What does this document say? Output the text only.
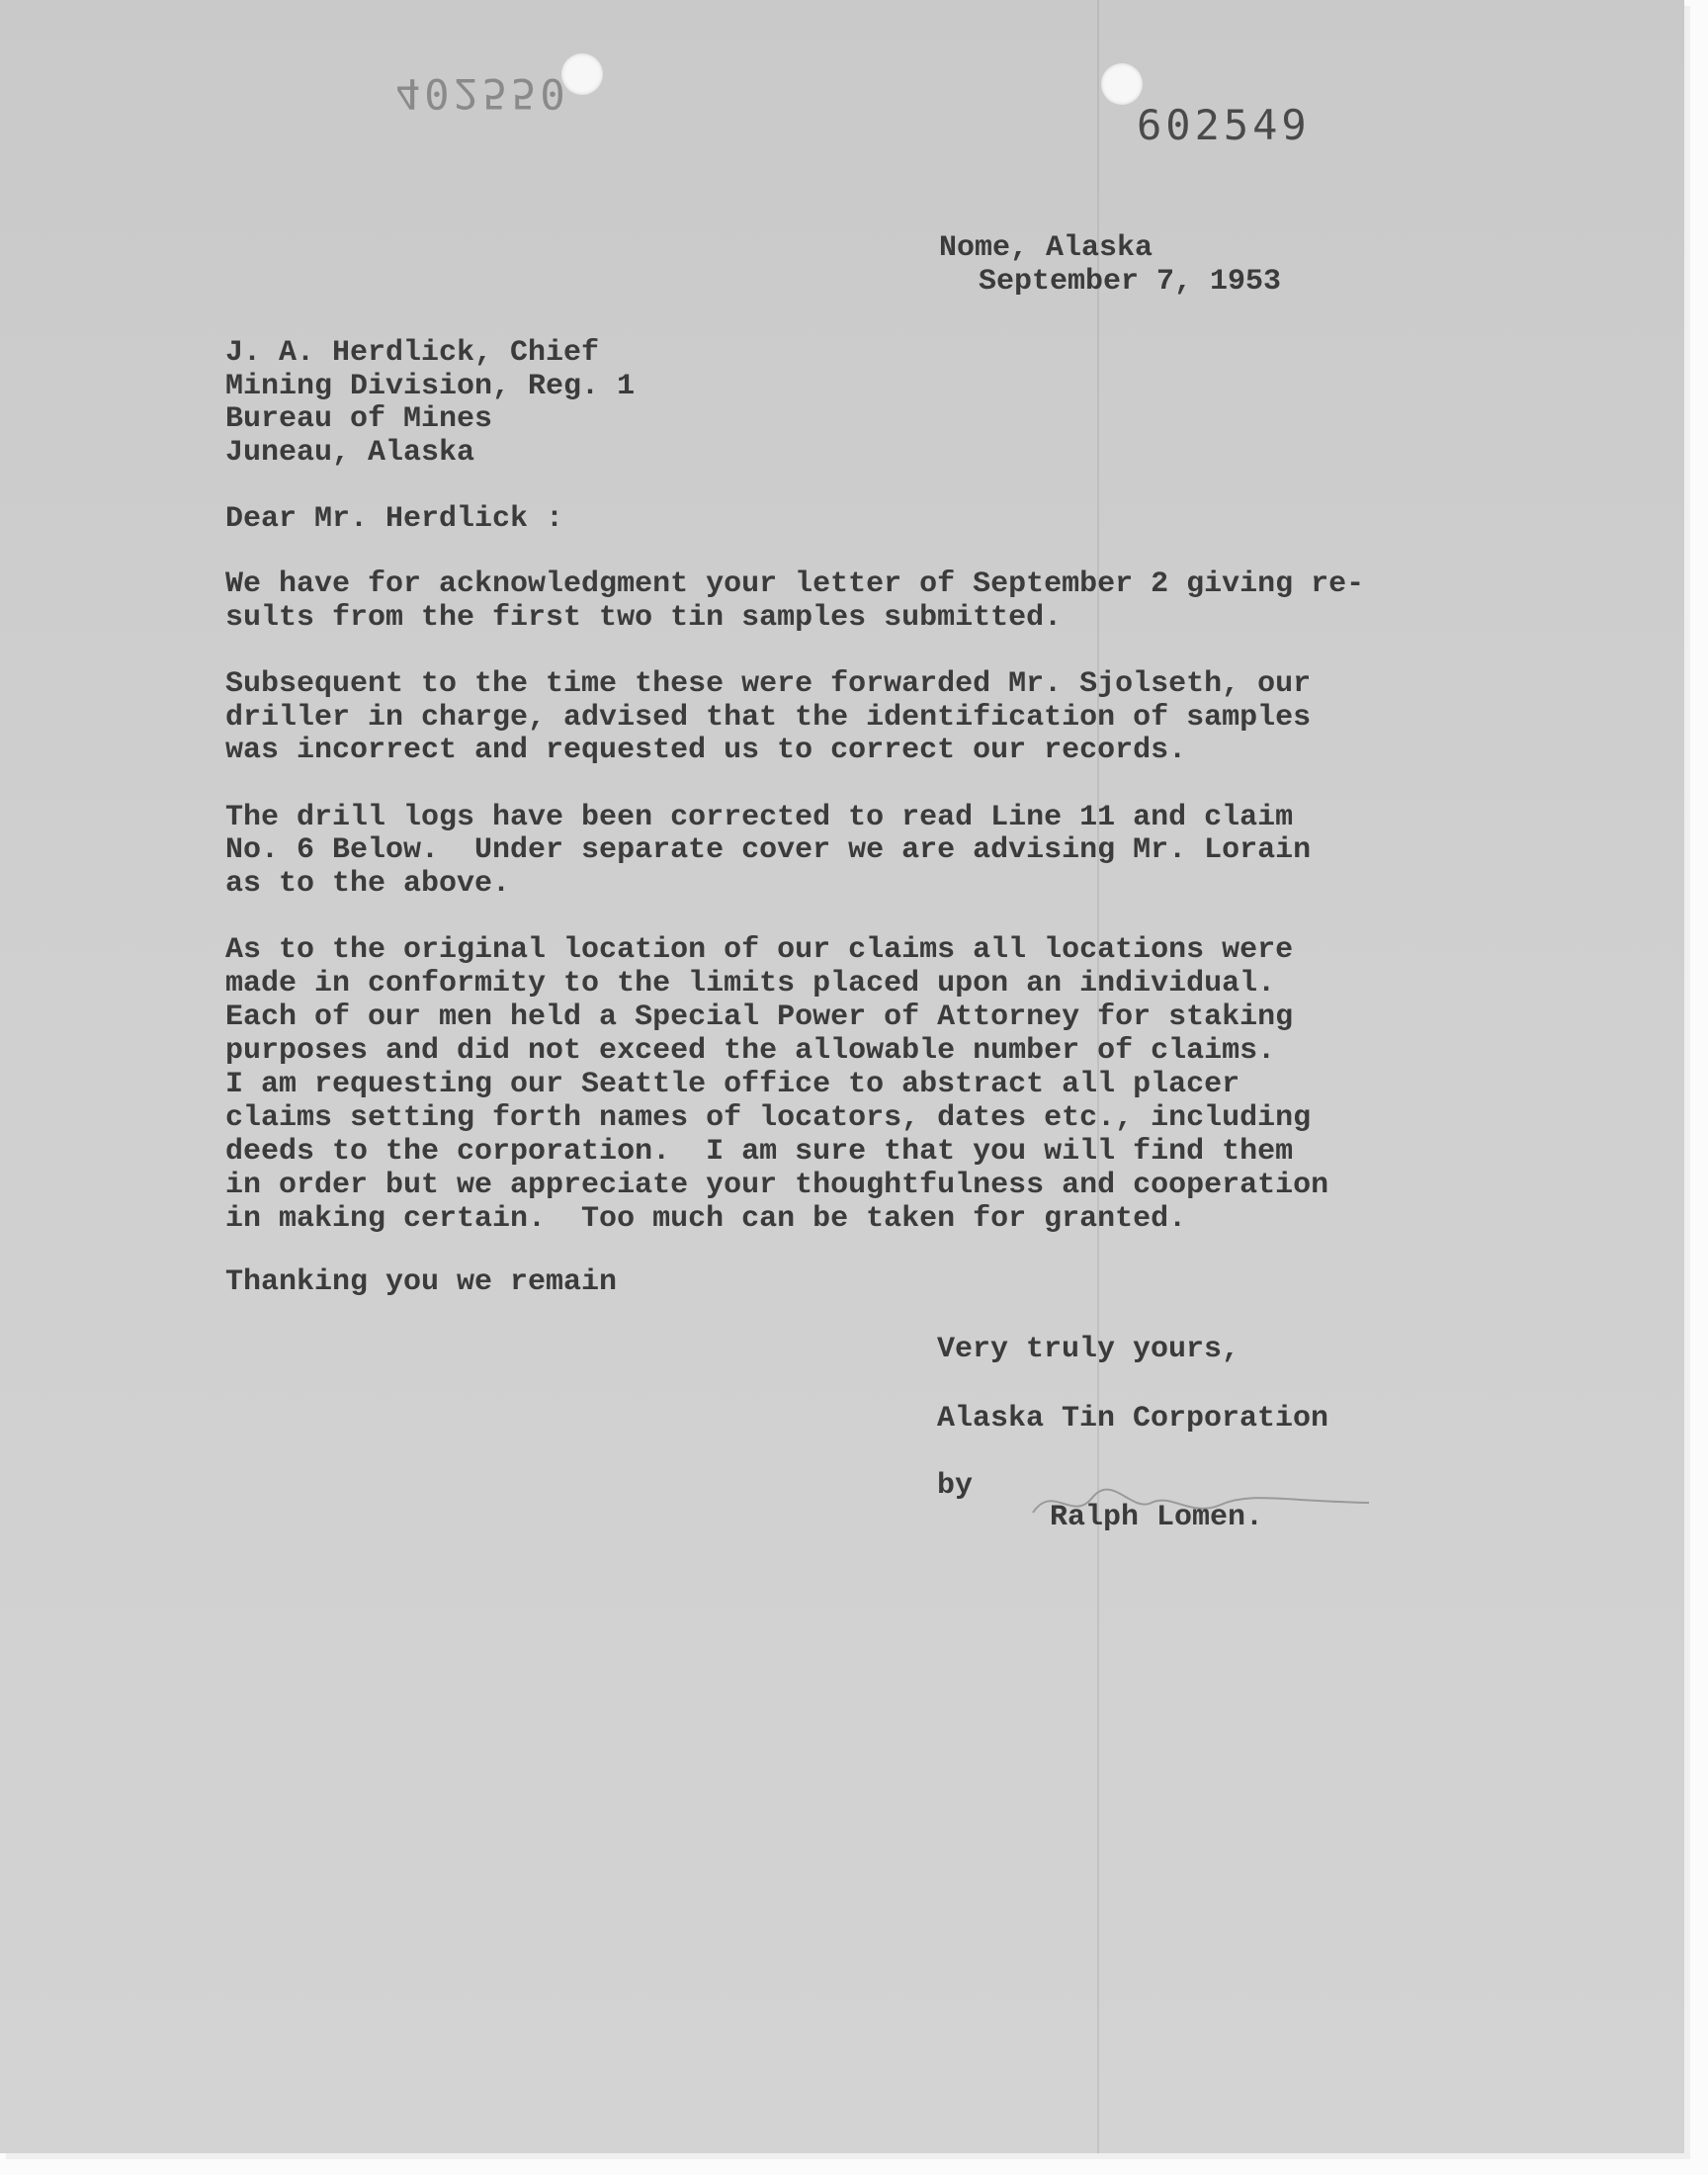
402550
602549
Nome, Alaska
September 7, 1953
J. A. Herdlick, Chief
Mining Division, Reg. 1
Bureau of Mines
Juneau, Alaska
Dear Mr. Herdlick :
We have for acknowledgment your letter of September 2 giving re-
sults from the first two tin samples submitted.
Subsequent to the time these were forwarded Mr. Sjolseth, our
driller in charge, advised that the identification of samples
was incorrect and requested us to correct our records.
The drill logs have been corrected to read Line 11 and claim
No. 6 Below.  Under separate cover we are advising Mr. Lorain
as to the above.
As to the original location of our claims all locations were
made in conformity to the limits placed upon an individual.
Each of our men held a Special Power of Attorney for staking
purposes and did not exceed the allowable number of claims.
I am requesting our Seattle office to abstract all placer
claims setting forth names of locators, dates etc., including
deeds to the corporation.  I am sure that you will find them
in order but we appreciate your thoughtfulness and cooperation
in making certain.  Too much can be taken for granted.
Thanking you we remain
Very truly yours,
Alaska Tin Corporation
by
Ralph Lomen.
